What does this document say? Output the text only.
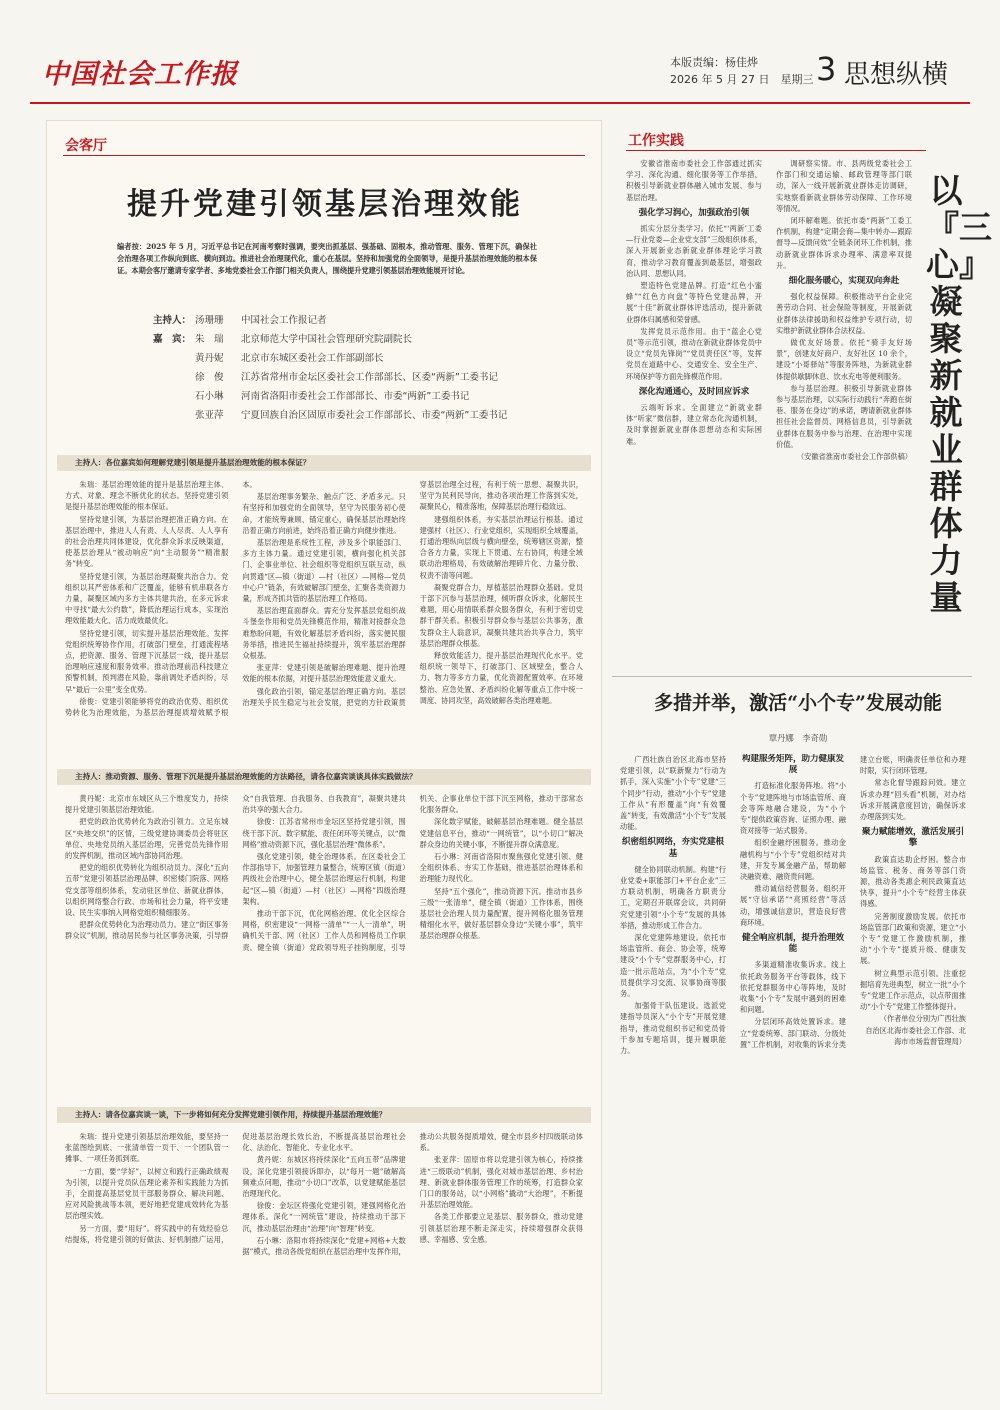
中国社会工作报	本版责编：杨佳烨
2026 年 5 月 27 日　 星期三 3 思想纵横
会客厅
提升党建引领基层治理效能
编者按：2025 年 5 月，习近平总书记在河南考察时强调，要突出抓基层、强基础、固根本，推动管理、服务、管理下沉，确保社会治理各项工作纵向到底、横向到边。推进社会治理现代化，重心在基层。坚持和加强党的全面领导，是提升基层治理效能的根本保证。本期会客厅邀请专家学者、多地党委社会工作部门相关负责人，围绕提升党建引领基层治理效能展开讨论。
主持人： 汤珊珊	中国社会工作报记者
嘉　宾： 朱　瑞	北京师范大学中国社会管理研究院副院长
黄丹妮	北京市东城区委社会工作部副部长
徐　俊	江苏省常州市金坛区委社会工作部部长、区委“两新”工委书记
石小琳	河南省洛阳市委社会工作部部长、市委“两新”工委书记
张亚萍	宁夏回族自治区固原市委社会工作部部长、市委“两新”工委书记
主持人：各位嘉宾如何理解党建引领是提升基层治理效能的根本保证？

朱瑞：基层治理效能的提升是基层治理主体、方式、对象、理念不断优化的状态。坚持党建引领是提升基层治理效能的根本保证。

坚持党建引领，为基层治理把准正确方向。在基层治理中，推进人人有责、人人尽责、人人享有的社会治理共同体建设，优化群众诉求反映渠道，使基层治理从“被动响应”向“主动服务”“精准服务”转变。

坚持党建引领，为基层治理凝聚共治合力。党组织以其严密体系和广泛覆盖，能够有机串联各方力量，凝聚区域内多方主体共建共治，在多元诉求中寻找“最大公约数”，降低治理运行成本，实现治理效能最大化、活力成效最优化。

坚持党建引领，切实提升基层治理效能。发挥党组织统筹协作作用，打破部门壁垒，打通流程堵点，把资源、服务、管理下沉基层一线，提升基层治理响应速度和服务效率。推动治理前沿科技建立预警机制，预判潜在风险，靠前调处矛盾纠纷，尽早“最后一公里”变全优势。

徐俊：党建引领能够将党的政治优势、组织优势转化为治理效能，为基层治理提质增效赋予根本。

基层治理事务繁杂、触点广泛、矛盾多元。只有坚持和加强党的全面领导，坚守为民服务初心使命，才能统筹兼顾、锚定重心，确保基层治理始终沿着正确方向前进，始终沿着正确方向健步推进。

基层治理是系统性工程，涉及多个职能部门、多方主体力量。通过党建引领，横向强化机关部门、企事业单位、社会组织等党组织互联互动，纵向贯通“区—镇（街道）—村（社区）—网格—党员中心户”链条，有效破解部门壁垒，汇聚各类资源力量，形成齐抓共管的基层治理工作格局。

基层治理直面群众。需充分发挥基层党组织战斗堡垒作用和党员先锋模范作用，精准对接群众急难愁盼问题，有效化解基层矛盾纠纷，落实便民服务举措，推进民生福祉持续提升，筑牢基层治理群众根基。

张亚萍：党建引领是破解治理难题、提升治理效能的根本依据，对提升基层治理效能意义重大。

强化政治引领，锚定基层治理正确方向。基层治理关乎民生稳定与社会发展，把党的方针政策贯穿基层治理全过程，有利于统一思想、凝聚共识，坚守为民利民导向，推动各项治理工作落到实处，凝聚民心，精准落地，保障基层治理行稳致远。

建强组织体系，夯实基层治理运行根基。通过建强村（社区）、行业党组织，实现组织全域覆盖，打通治理纵向层级与横向壁垒，统筹辖区资源，整合各方力量，实现上下贯通、左右协同，构建全域联动治理格局，有效破解治理碎片化、力量分散、权责不清等问题。

凝聚党群合力，厚植基层治理群众基础。党员干部下沉参与基层治理，倾听群众诉求，化解民生难题，用心用情联系群众服务群众，有利于密切党群干群关系。积极引导群众参与基层公共事务，激发群众主人翁意识，凝聚共建共治共享合力，筑牢基层治理群众根基。

释放效能活力，提升基层治理现代化水平。党组织统一领导下，打破部门、区域壁垒，整合人力、物力等多方力量，优化资源配置效率。在环境整治、应急处置、矛盾纠纷化解等重点工作中统一调度、协同攻坚，高效破解各类治理难题。

主持人：推动资源、服务、管理下沉是提升基层治理效能的方法路径，请各位嘉宾谈谈具体实践做法？

黄丹妮：北京市东城区从三个维度发力，持续提升党建引领基层治理效能。

把党的政治优势转化为政治引领力。立足东城区“央地交织”的区情，三级党建协调委员会将驻区单位、央地党员纳入基层治理，完善党员先锋作用的发挥机制，推动区域内部协同治理。

把党的组织优势转化为组织动员力。深化“五向五带”党建引领基层治理品牌，织密楼门院落、网格党支部等组织体系，发动驻区单位、新就业群体，以组织网络整合行政、市场和社会力量，将平安建设、民生实事纳入网格党组织精细服务。

把群众优势转化为治理动员力。建立“街区事务群众议”机制，推动居民参与社区事务决策，引导群众“自我管理、自我服务、自我教育”，凝聚共建共治共享的强大合力。

徐俊：江苏省常州市金坛区坚持党建引领，围绕干部下沉、数字赋能、责任闭环等关键点，以“微网格”推动资源下沉，强化基层治理“微体系”。

强化党建引领，健全治理体系。在区委社会工作部指导下，加强管理力量整合，统筹区镇（街道）两级社会治理中心，健全基层治理运行机制，构建起“区—镇（街道）—村（社区）—网格”四级治理架构。

推动干部下沉，优化网格治理。优化全区综合网格，织密建设“一网格一清单”“一人一清单”，明确机关干部、网（社区）工作人员和网格员工作职责。健全镇（街道）党政领导班子挂钩制度，引导机关、企事业单位干部下沉至网格，推动干部常态化服务群众。

深化数字赋能，破解基层治理难题。健全基层党建信息平台，推动“一网统管”，以“小切口”解决群众身边的关键小事，不断提升群众满意度。

石小琳：河南省洛阳市聚焦强化党建引领、健全组织体系、夯实工作基础，推进基层治理体系和治理能力现代化。

坚持“五个强化”，推动资源下沉。推动市县乡三级“一张清单”，健全镇（街道）工作体系，围绕基层社会治理人员力量配置，提升网格化服务管理精细化水平，做好基层群众身边“关键小事”，筑牢基层治理群众根基。

主持人：请各位嘉宾谈一谈，下一步将如何充分发挥党建引领作用，持续提升基层治理效能？

朱瑞：提升党建引领基层治理效能，要坚持一张蓝图绘到底、一张清单管一页干、一个团队管一摊事、一项任务抓到底。

一方面，要“学好”，以树立和践行正确政绩观为引领，以提升党员队伍理论素养和实践能力为抓手，全面提高基层党员干部服务群众、解决问题、应对风险挑战等本领，更好地把党建成效转化为基层治理实效。

另一方面，要“用好”。将实践中的有效经验总结提炼，将党建引领的好做法、好机制推广运用，促进基层治理长效长治，不断提高基层治理社会化、法治化、智能化、专业化水平。

黄丹妮：东城区将持续深化“五向五带”品牌建设，深化党建引领接诉即办，以“每月一题”破解高频难点问题，推动“小切口”改革，以党建赋能基层治理现代化。

徐俊：金坛区将强化党建引领，建强网格化治理体系。深化“一网统管”建设，持续推动干部下沉，推动基层治理由“治理”向“智理”转变。

石小琳：洛阳市将持续深化“党建+网格+大数据”模式，推动各级党组织在基层治理中发挥作用，推动公共服务提质增效，健全市县乡村四级联动体系。

张亚萍：固原市将以党建引领为核心，持续推进“三级联动”机制，强化对城市基层治理、乡村治理、新就业群体服务管理工作的统筹，打造群众家门口的服务站，以“小网格”撬动“大治理”，不断提升基层治理效能。

各类工作都要立足基层、服务群众，推动党建引领基层治理不断走深走实，持续增强群众获得感、幸福感、安全感。

工作实践

安徽省淮南市委社会工作部通过抓实学习、深化沟通、细化服务等工作举措，积极引导新就业群体融入城市发展、参与基层治理。

强化学习润心，加强政治引领

抓实分层分类学习。依托“‘两新’工委—行业党委—企业党支部”三级组织体系，深入开展新业态新就业群体理论学习教育，推动学习教育覆盖到最基层，增强政治认同、思想认同。

塑造特色党建品牌。打造“红色小蜜蜂”“红色方向盘”等特色党建品牌，开展“十佳”新就业群体评选活动，提升新就业群体归属感和荣誉感。

发挥党员示范作用。由于“蓝企心党员”等示范引领，推动在新就业群体党员中设立“党员先锋岗”“党员责任区”等，发挥党员在道路中心、交通安全、安全生产、环境保护等方面先锋模范作用。

深化沟通通心，及时回应诉求

云端听诉求。全面建立“新就业群体“听家”微信群，建立常态化沟通机制，及时掌握新就业群体思想动态和实际困难。

调研察实情。市、县两级党委社会工作部门和交通运输、邮政管理等部门联动，深入一线开展新就业群体走访调研，实地察看新就业群体劳动保障、工作环境等情况。

闭环解难题。依托市委“两新”工委工作机制，构建“定期会商—集中转办—跟踪督导—反馈问效”全链条闭环工作机制，推动新就业群体诉求办理率、满意率双提升。

细化服务暖心，实现双向奔赴

强化权益保障。积极推动平台企业完善劳动合同、社会保险等制度，开展新就业群体法律援助和权益维护专项行动，切实维护新就业群体合法权益。

做优友好场景。依托“骑手友好场景”，创建友好商户、友好社区 10 余个，建设“小哥驿站”等服务阵地，为新就业群体提供歇脚休息、饮水充电等便利服务。

参与基层治理。积极引导新就业群体参与基层治理，以实际行动践行“奔跑在街巷、服务在身边”的承诺，聘请新就业群体担任社会监督员、网格信息员，引导新就业群体在服务中参与治理、在治理中实现价值。

（安徽省淮南市委社会工作部供稿）

以『三心』凝聚新就业群体力量
多措并举，激活“小个专”发展动能
覃丹娜　李奇勋

广西壮族自治区北海市坚持党建引领，以“联新聚力”行动为抓手，深入实施“小个专”党建“三个同步”行动，推动“小个专”党建工作从“有形覆盖”向“有效覆盖”转变，有效激活“小个专”发展动能。

织密组织网络，夯实党建根基

健全协同联动机制。构建“行业党委+职能部门+平台企业”三方联动机制，明确各方职责分工，定期召开联席会议，共同研究党建引领“小个专”发展的具体举措，推动形成工作合力。

深化党建阵地建设。依托市场监管所、商会、协会等，统筹建设“小个专”党群服务中心，打造一批示范站点，为“小个专”党员提供学习交流、议事协商等服务。

加强骨干队伍建设。选派党建指导员深入“小个专”开展党建指导，推动党组织书记和党员骨干参加专题培训，提升履职能力。

构建服务矩阵，助力健康发展

打造标准化服务阵地。将“小个专”党建阵地与市场监管所、商会等阵地融合建设，为“小个专”提供政策咨询、证照办理、融资对接等一站式服务。

组织金融纾困服务。推动金融机构与“小个专”党组织结对共建，开发专属金融产品，帮助解决融资难、融资贵问题。

推动诚信经营服务。组织开展“守信承诺”“亮照经营”等活动，增强诚信意识，营造良好营商环境。

健全响应机制，提升治理效能

多渠道精准收集诉求。线上依托政务服务平台等载体，线下依托党群服务中心等阵地，及时收集“小个专”发展中遇到的困难和问题。

分层闭环高效处置诉求。建立“党委统筹、部门联动、分级处置”工作机制，对收集的诉求分类建立台账，明确责任单位和办理时限，实行闭环管理。

常态化督导跟踪问效。建立诉求办理“回头看”机制，对办结诉求开展满意度回访，确保诉求办理落到实处。

聚力赋能增效，激活发展引擎

政策直达助企纾困。整合市场监管、税务、商务等部门资源，推动各类惠企利民政策直达快享，提升“小个专”经营主体获得感。

完善制度激励发展。依托市场监管部门政策和资源，建立“小个专”党建工作激励机制，推动“小个专”提质升级、健康发展。

树立典型示范引领。注重挖掘培育先进典型，树立一批“小个专”党建工作示范点，以点带面推动“小个专”党建工作整体提升。

（作者单位分别为广西壮族自治区北海市委社会工作部、北海市市场监督管理局）
